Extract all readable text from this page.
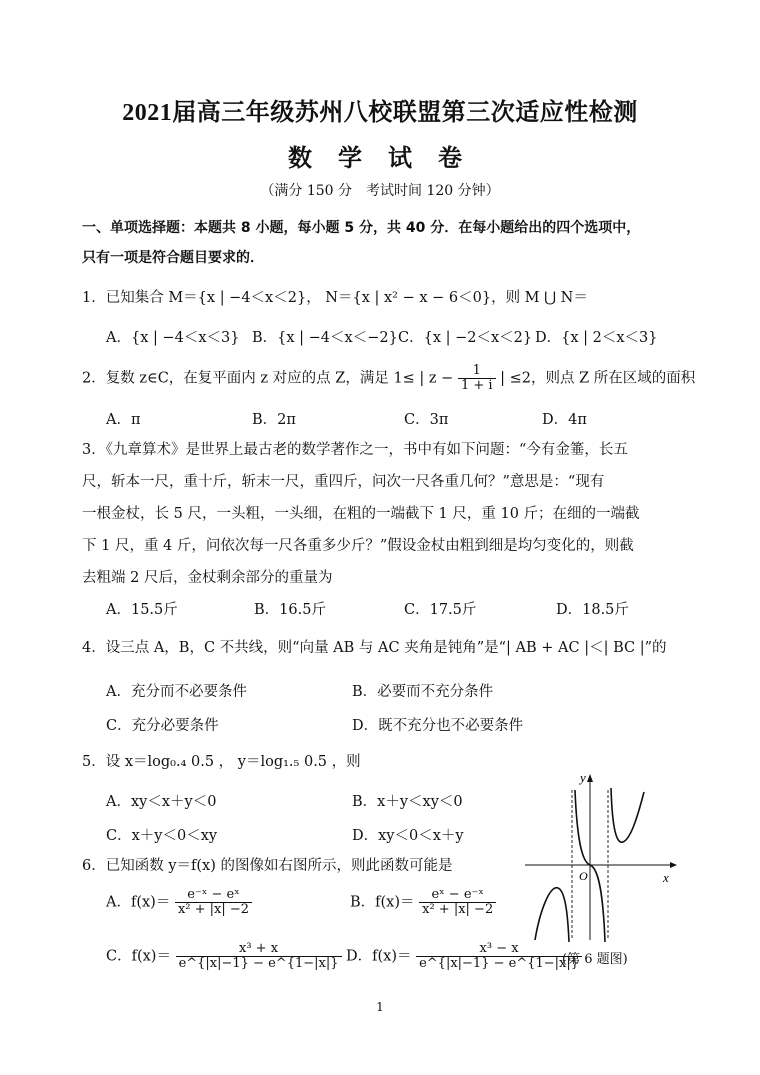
2021届高三年级苏州八校联盟第三次适应性检测
数 学 试 卷
（满分 150 分　考试时间 120 分钟）
一、单项选择题：本题共 8 小题，每小题 5 分，共 40 分．在每小题给出的四个选项中，
只有一项是符合题目要求的．
1．已知集合 M＝{x | −4＜x＜2}， N＝{x | x² − x − 6＜0}，则 M ⋃ N＝
A．{x | −4＜x＜3} B．{x | −4＜x＜−2} C．{x | −2＜x＜2} D．{x | 2＜x＜3}
2．复数 z∈C，在复平面内 z 对应的点 Z，满足 1≤ | $z - \frac{1}{1 + i}$ | ≤2，则点 Z 所在区域的面积
A．π	B．2π	C．3π	D．4π
3．《九章算术》是世界上最古老的数学著作之一，书中有如下问题：“今有金箠，长五
尺，斩本一尺，重十斤，斩末一尺，重四斤，问次一尺各重几何？”意思是：“现有
一根金杖，长 5 尺，一头粗，一头细，在粗的一端截下 1 尺，重 10 斤；在细的一端截
下 1 尺，重 4 斤，问依次每一尺各重多少斤？”假设金杖由粗到细是均匀变化的，则截
去粗端 2 尺后，金杖剩余部分的重量为
A．15.5斤	B．16.5斤	C．17.5斤	D．18.5斤
4．设三点 A，B，C 不共线，则“向量 AB 与 AC 夹角是钝角”是“| AB + AC |＜| BC |”的
A．充分而不必要条件	B．必要而不充分条件
C．充分必要条件	D．既不充分也不必要条件
5．设 x＝log₀.₄ 0.5 ， y＝log₁.₅ 0.5 ，则
A．xy＜x＋y＜0	B．x＋y＜xy＜0
C．x＋y＜0＜xy	D．xy＜0＜x＋y
6．已知函数 y＝f(x) 的图像如右图所示，则此函数可能是
A．$f(x)= \frac{\text{e⁻ˣ − eˣ}}{\text{x² + |x| −2}}$	B．$f(x)= \frac{\text{eˣ − e⁻ˣ}}{\text{x² + |x| −2}}$
C．$f(x)= \frac{\text{x³ + x}}{e\^{}\{|x|-1\} - e\^{}\{1-|x|\}}$ D．$f(x)= \frac{\text{x³ − x}}{e\^{}\{|x|-1\} - e\^{}\{1-|x|\}}$
y
x
O
(第 6 题图)
1
